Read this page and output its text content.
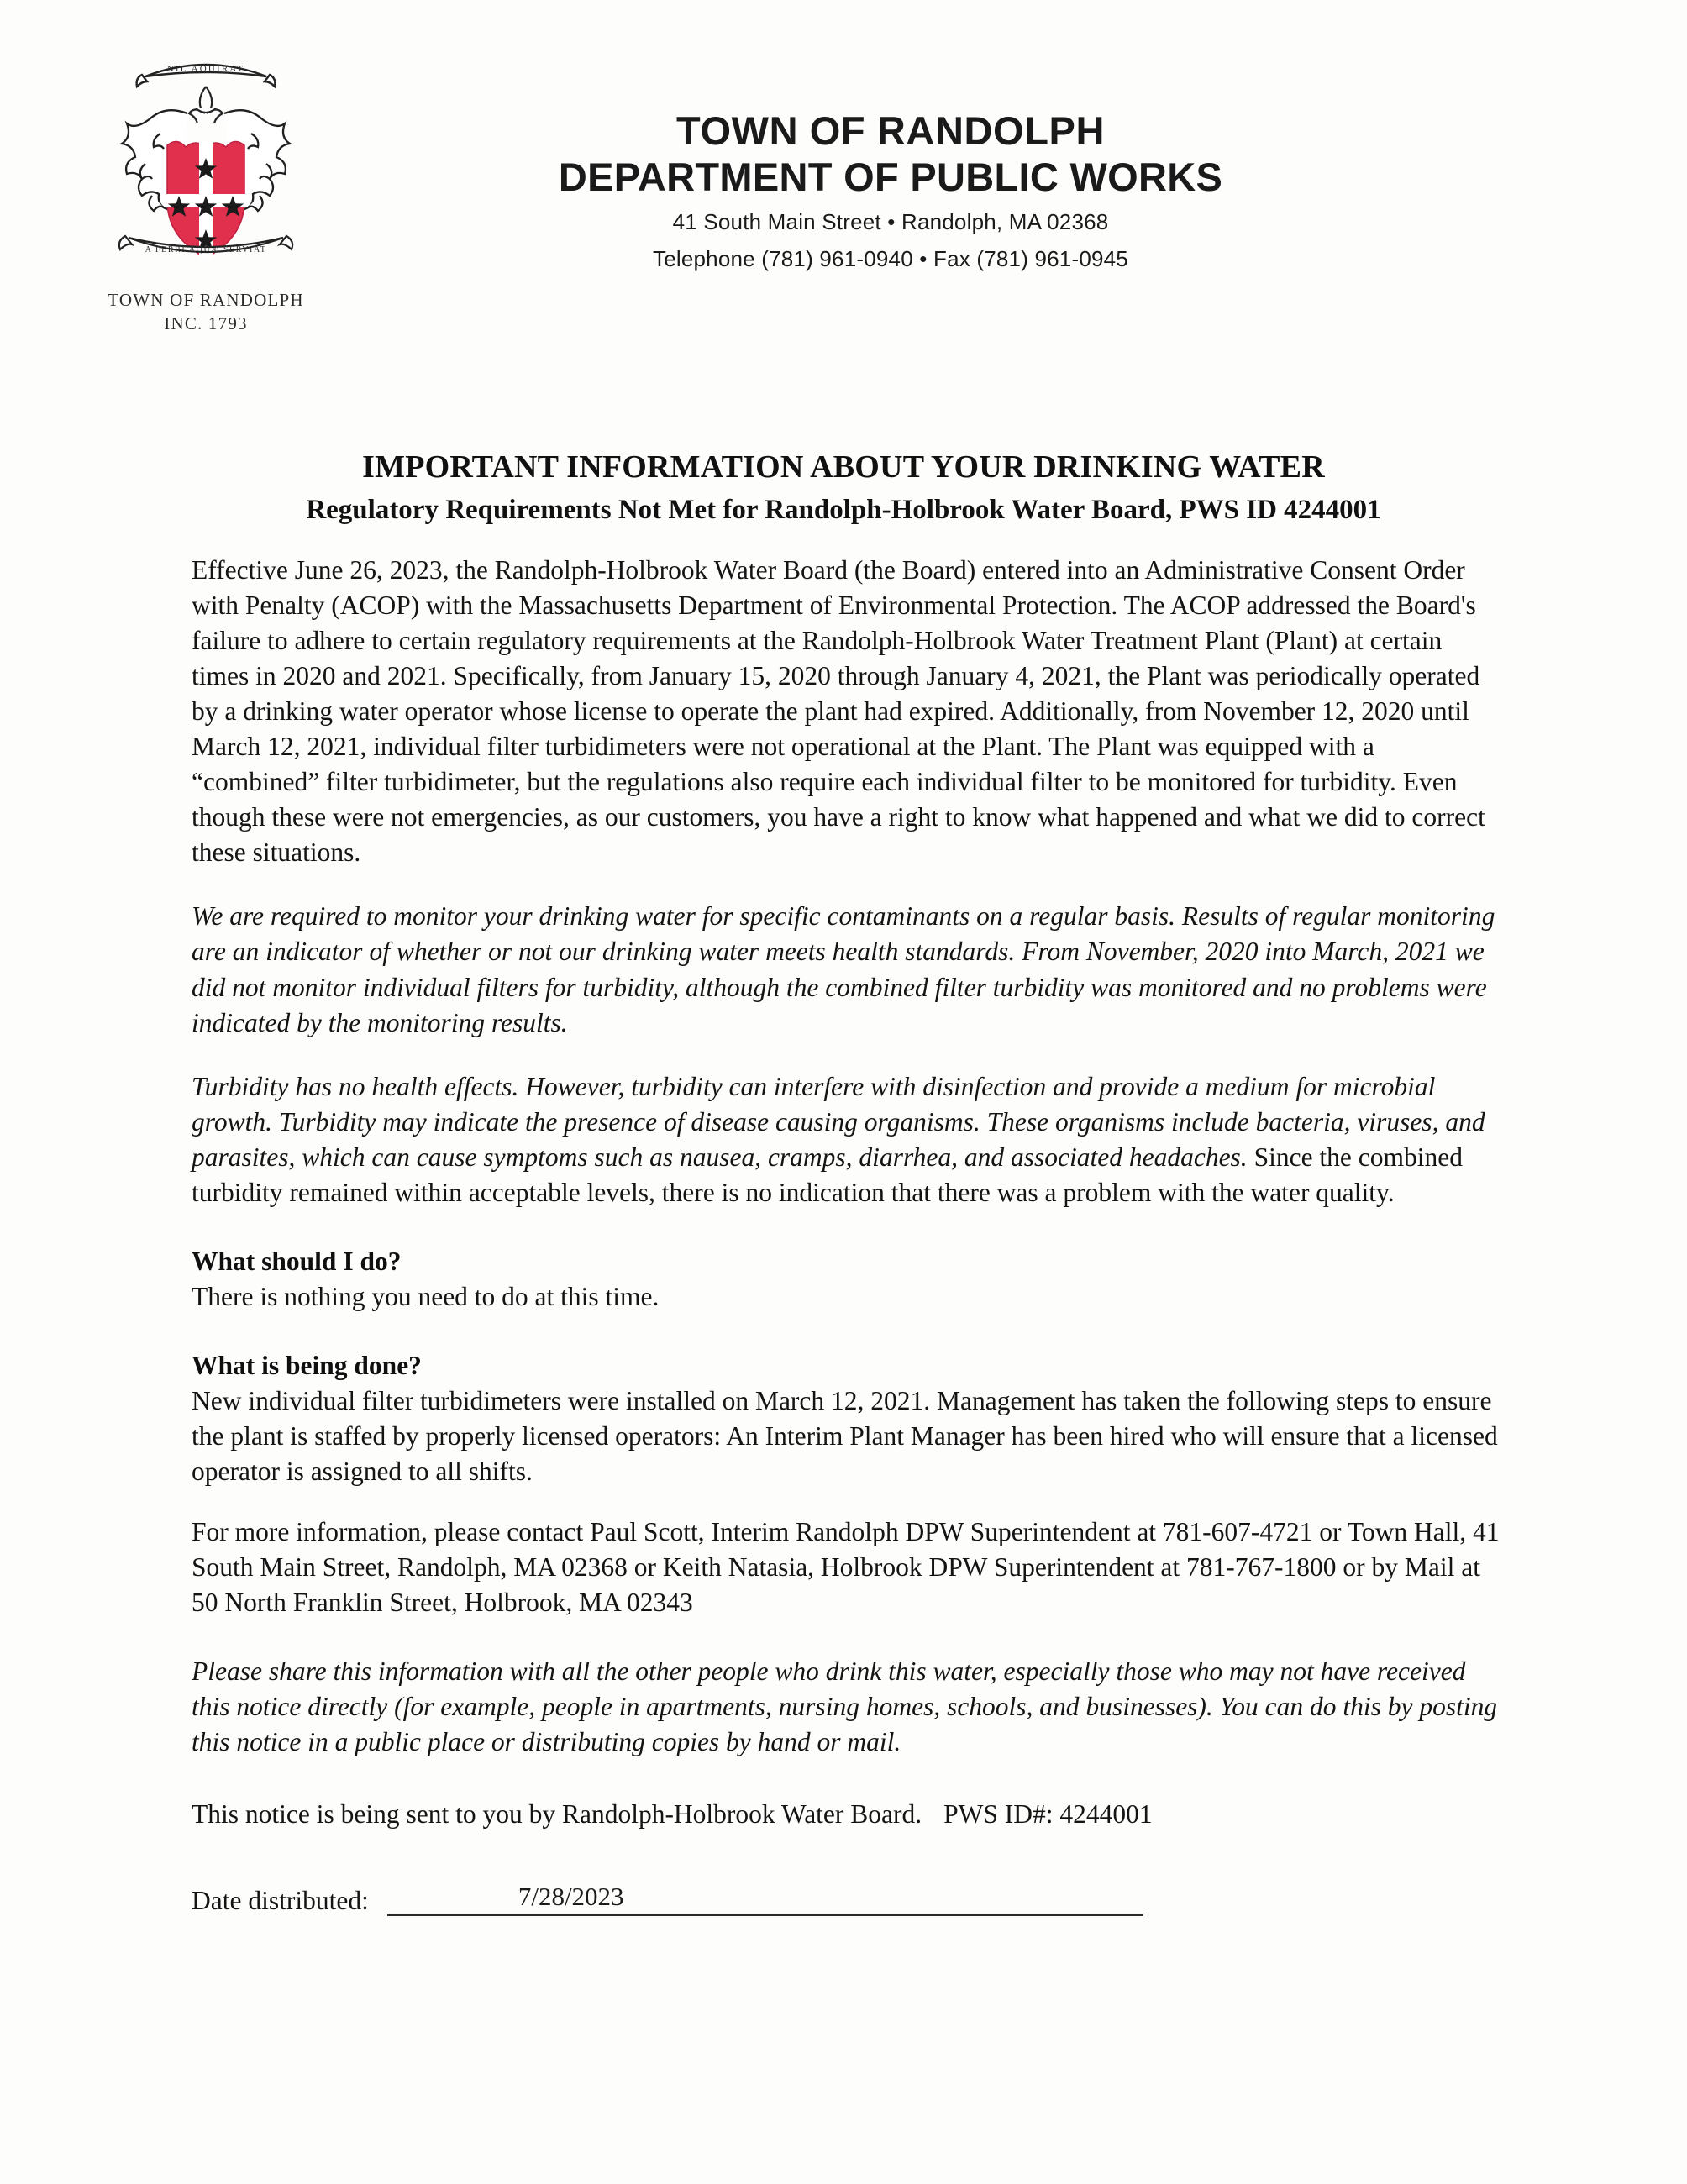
NIL AQUIRAT
A FERRI AQUÆ SERVIAT
TOWN OF RANDOLPH
INC. 1793
TOWN OF RANDOLPH
DEPARTMENT OF PUBLIC WORKS
41 South Main Street • Randolph, MA 02368
Telephone (781) 961-0940 • Fax (781) 961-0945
IMPORTANT INFORMATION ABOUT YOUR DRINKING WATER
Regulatory Requirements Not Met for Randolph-Holbrook Water Board, PWS ID 4244001

Effective June 26, 2023, the Randolph-Holbrook Water Board (the Board) entered into an Administrative Consent Order with Penalty (ACOP) with the Massachusetts Department of Environmental Protection. The ACOP addressed the Board's failure to adhere to certain regulatory requirements at the Randolph-Holbrook Water Treatment Plant (Plant) at certain times in 2020 and 2021. Specifically, from January 15, 2020 through January 4, 2021, the Plant was periodically operated by a drinking water operator whose license to operate the plant had expired. Additionally, from November 12, 2020 until March 12, 2021, individual filter turbidimeters were not operational at the Plant. The Plant was equipped with a “combined” filter turbidimeter, but the regulations also require each individual filter to be monitored for turbidity. Even though these were not emergencies, as our customers, you have a right to know what happened and what we did to correct these situations.

We are required to monitor your drinking water for specific contaminants on a regular basis. Results of regular monitoring are an indicator of whether or not our drinking water meets health standards. From November, 2020 into March, 2021 we did not monitor individual filters for turbidity, although the combined filter turbidity was monitored and no problems were indicated by the monitoring results.

Turbidity has no health effects. However, turbidity can interfere with disinfection and provide a medium for microbial growth. Turbidity may indicate the presence of disease causing organisms. These organisms include bacteria, viruses, and parasites, which can cause symptoms such as nausea, cramps, diarrhea, and associated headaches. Since the combined turbidity remained within acceptable levels, there is no indication that there was a problem with the water quality.

What should I do?

There is nothing you need to do at this time.

What is being done?

New individual filter turbidimeters were installed on March 12, 2021. Management has taken the following steps to ensure the plant is staffed by properly licensed operators: An Interim Plant Manager has been hired who will ensure that a licensed operator is assigned to all shifts.

For more information, please contact Paul Scott, Interim Randolph DPW Superintendent at 781-607-4721 or Town Hall, 41 South Main Street, Randolph, MA 02368 or Keith Natasia, Holbrook DPW Superintendent at 781-767-1800 or by Mail at 50 North Franklin Street, Holbrook, MA 02343

Please share this information with all the other people who drink this water, especially those who may not have received this notice directly (for example, people in apartments, nursing homes, schools, and businesses). You can do this by posting this notice in a public place or distributing copies by hand or mail.

This notice is being sent to you by Randolph-Holbrook Water Board. PWS ID#: 4244001

Date distributed:	7/28/2023
